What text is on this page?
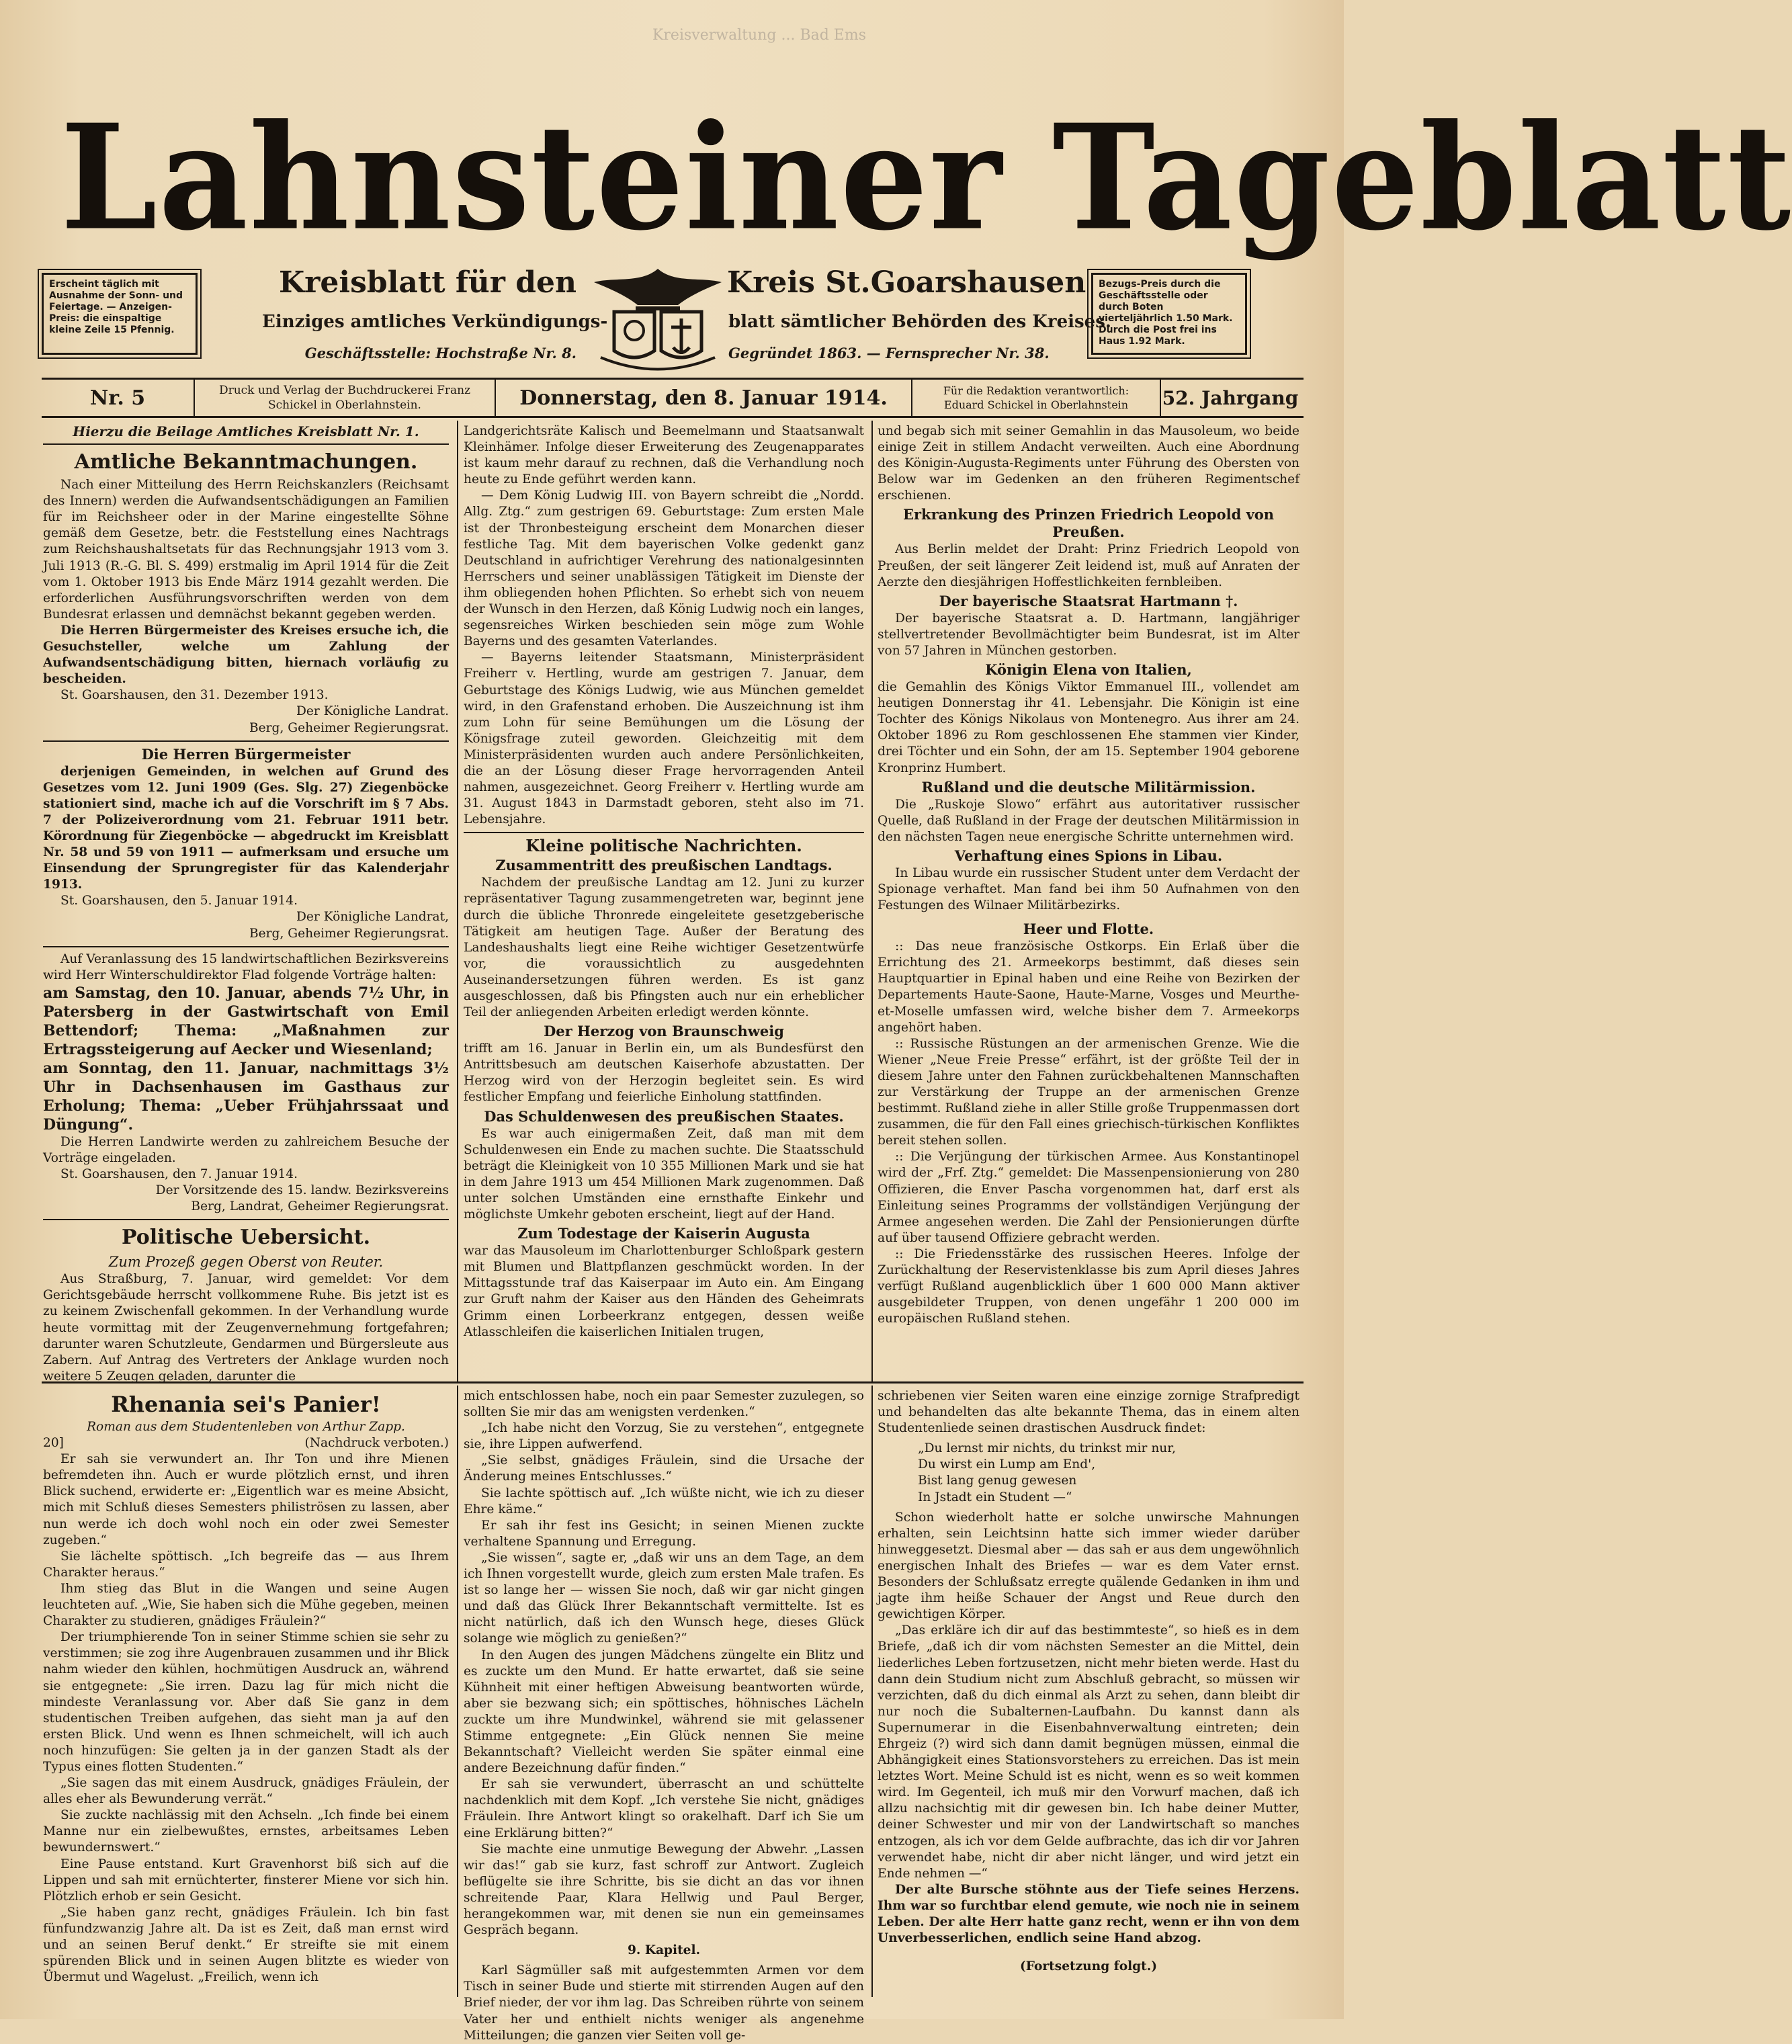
Kreisverwaltung ... Bad Ems
Lahnsteiner Tageblatt
Erscheint täglich mit Ausnahme der Sonn- und Feiertage. — Anzeigen-Preis: die einspaltige kleine Zeile 15 Pfennig.
Bezugs-Preis durch die Geschäftsstelle oder durch Boten vierteljährlich 1.50 Mark. Durch die Post frei ins Haus 1.92 Mark.
Kreisblatt für den	Kreis St.Goarshausen
Einziges amtliches Verkündigungs-	blatt sämtlicher Behörden des Kreises.
Geschäftsstelle: Hochstraße Nr. 8.	Gegründet 1863. — Fernsprecher Nr. 38.
Nr. 5	Druck und Verlag der Buchdruckerei Franz Schickel in Oberlahnstein.	Donnerstag, den 8. Januar 1914.	Für die Redaktion verantwortlich: Eduard Schickel in Oberlahnstein	52. Jahrgang

Hierzu die Beilage Amtliches Kreisblatt Nr. 1.

Amtliche Bekanntmachungen.

Nach einer Mitteilung des Herrn Reichskanzlers (Reichsamt des Innern) werden die Aufwandsentschädigungen an Familien für im Reichsheer oder in der Marine eingestellte Söhne gemäß dem Gesetze, betr. die Feststellung eines Nachtrags zum Reichshaushaltsetats für das Rechnungsjahr 1913 vom 3. Juli 1913 (R.-G. Bl. S. 499) erstmalig im April 1914 für die Zeit vom 1. Oktober 1913 bis Ende März 1914 gezahlt werden. Die erforderlichen Ausführungsvorschriften werden von dem Bundesrat erlassen und demnächst bekannt gegeben werden.

Die Herren Bürgermeister des Kreises ersuche ich, die Gesuchsteller, welche um Zahlung der Aufwandsentschädigung bitten, hiernach vorläufig zu bescheiden.

St. Goarshausen, den 31. Dezember 1913.

Der Königliche Landrat.

Berg, Geheimer Regierungsrat.

Die Herren Bürgermeister

derjenigen Gemeinden, in welchen auf Grund des Gesetzes vom 12. Juni 1909 (Ges. Slg. 27) Ziegenböcke stationiert sind, mache ich auf die Vorschrift im § 7 Abs. 7 der Polizeiverordnung vom 21. Februar 1911 betr. Körordnung für Ziegenböcke — abgedruckt im Kreisblatt Nr. 58 und 59 von 1911 — aufmerksam und ersuche um Einsendung der Sprungregister für das Kalenderjahr 1913.

St. Goarshausen, den 5. Januar 1914.

Der Königliche Landrat,

Berg, Geheimer Regierungsrat.

Auf Veranlassung des 15 landwirtschaftlichen Bezirksvereins wird Herr Winterschuldirektor Flad folgende Vorträge halten:

am Samstag, den 10. Januar, abends 7½ Uhr, in Patersberg in der Gastwirtschaft von Emil Bettendorf; Thema: „Maßnahmen zur Ertragssteigerung auf Aecker und Wiesenland;

am Sonntag, den 11. Januar, nachmittags 3½ Uhr in Dachsenhausen im Gasthaus zur Erholung; Thema: „Ueber Frühjahrssaat und Düngung“.

Die Herren Landwirte werden zu zahlreichem Besuche der Vorträge eingeladen.

St. Goarshausen, den 7. Januar 1914.

Der Vorsitzende des 15. landw. Bezirksvereins

Berg, Landrat, Geheimer Regierungsrat.

Politische Uebersicht.

Zum Prozeß gegen Oberst von Reuter.

Aus Straßburg, 7. Januar, wird gemeldet: Vor dem Gerichtsgebäude herrscht vollkommene Ruhe. Bis jetzt ist es zu keinem Zwischenfall gekommen. In der Verhandlung wurde heute vormittag mit der Zeugenvernehmung fortgefahren; darunter waren Schutzleute, Gendarmen und Bürgersleute aus Zabern. Auf Antrag des Vertreters der Anklage wurden noch weitere 5 Zeugen geladen, darunter die

Landgerichtsräte Kalisch und Beemelmann und Staatsanwalt Kleinhämer. Infolge dieser Erweiterung des Zeugenapparates ist kaum mehr darauf zu rechnen, daß die Verhandlung noch heute zu Ende geführt werden kann.

— Dem König Ludwig III. von Bayern schreibt die „Nordd. Allg. Ztg.“ zum gestrigen 69. Geburtstage: Zum ersten Male ist der Thronbesteigung erscheint dem Monarchen dieser festliche Tag. Mit dem bayerischen Volke gedenkt ganz Deutschland in aufrichtiger Verehrung des nationalgesinnten Herrschers und seiner unablässigen Tätigkeit im Dienste der ihm obliegenden hohen Pflichten. So erhebt sich von neuem der Wunsch in den Herzen, daß König Ludwig noch ein langes, segensreiches Wirken beschieden sein möge zum Wohle Bayerns und des gesamten Vaterlandes.

— Bayerns leitender Staatsmann, Ministerpräsident Freiherr v. Hertling, wurde am gestrigen 7. Januar, dem Geburtstage des Königs Ludwig, wie aus München gemeldet wird, in den Grafenstand erhoben. Die Auszeichnung ist ihm zum Lohn für seine Bemühungen um die Lösung der Königsfrage zuteil geworden. Gleichzeitig mit dem Ministerpräsidenten wurden auch andere Persönlichkeiten, die an der Lösung dieser Frage hervorragenden Anteil nahmen, ausgezeichnet. Georg Freiherr v. Hertling wurde am 31. August 1843 in Darmstadt geboren, steht also im 71. Lebensjahre.

Kleine politische Nachrichten.

Zusammentritt des preußischen Landtags.

Nachdem der preußische Landtag am 12. Juni zu kurzer repräsentativer Tagung zusammengetreten war, beginnt jene durch die übliche Thronrede eingeleitete gesetzgeberische Tätigkeit am heutigen Tage. Außer der Beratung des Landeshaushalts liegt eine Reihe wichtiger Gesetzentwürfe vor, die voraussichtlich zu ausgedehnten Auseinandersetzungen führen werden. Es ist ganz ausgeschlossen, daß bis Pfingsten auch nur ein erheblicher Teil der anliegenden Arbeiten erledigt werden könnte.

Der Herzog von Braunschweig

trifft am 16. Januar in Berlin ein, um als Bundesfürst den Antrittsbesuch am deutschen Kaiserhofe abzustatten. Der Herzog wird von der Herzogin begleitet sein. Es wird festlicher Empfang und feierliche Einholung stattfinden.

Das Schuldenwesen des preußischen Staates.

Es war auch einigermaßen Zeit, daß man mit dem Schuldenwesen ein Ende zu machen suchte. Die Staatsschuld beträgt die Kleinigkeit von 10 355 Millionen Mark und sie hat in dem Jahre 1913 um 454 Millionen Mark zugenommen. Daß unter solchen Umständen eine ernsthafte Einkehr und möglichste Umkehr geboten erscheint, liegt auf der Hand.

Zum Todestage der Kaiserin Augusta

war das Mausoleum im Charlottenburger Schloßpark gestern mit Blumen und Blattpflanzen geschmückt worden. In der Mittagsstunde traf das Kaiserpaar im Auto ein. Am Eingang zur Gruft nahm der Kaiser aus den Händen des Geheimrats Grimm einen Lorbeerkranz entgegen, dessen weiße Atlasschleifen die kaiserlichen Initialen trugen,

und begab sich mit seiner Gemahlin in das Mausoleum, wo beide einige Zeit in stillem Andacht verweilten. Auch eine Abordnung des Königin-Augusta-Regiments unter Führung des Obersten von Below war im Gedenken an den früheren Regimentschef erschienen.

Erkrankung des Prinzen Friedrich Leopold von Preußen.

Aus Berlin meldet der Draht: Prinz Friedrich Leopold von Preußen, der seit längerer Zeit leidend ist, muß auf Anraten der Aerzte den diesjährigen Hoffestlichkeiten fernbleiben.

Der bayerische Staatsrat Hartmann †.

Der bayerische Staatsrat a. D. Hartmann, langjähriger stellvertretender Bevollmächtigter beim Bundesrat, ist im Alter von 57 Jahren in München gestorben.

Königin Elena von Italien,

die Gemahlin des Königs Viktor Emmanuel III., vollendet am heutigen Donnerstag ihr 41. Lebensjahr. Die Königin ist eine Tochter des Königs Nikolaus von Montenegro. Aus ihrer am 24. Oktober 1896 zu Rom geschlossenen Ehe stammen vier Kinder, drei Töchter und ein Sohn, der am 15. September 1904 geborene Kronprinz Humbert.

Rußland und die deutsche Militärmission.

Die „Ruskoje Slowo“ erfährt aus autoritativer russischer Quelle, daß Rußland in der Frage der deutschen Militärmission in den nächsten Tagen neue energische Schritte unternehmen wird.

Verhaftung eines Spions in Libau.

In Libau wurde ein russischer Student unter dem Verdacht der Spionage verhaftet. Man fand bei ihm 50 Aufnahmen von den Festungen des Wilnaer Militärbezirks.

Heer und Flotte.

:: Das neue französische Ostkorps. Ein Erlaß über die Errichtung des 21. Armeekorps bestimmt, daß dieses sein Hauptquartier in Epinal haben und eine Reihe von Bezirken der Departements Haute-Saone, Haute-Marne, Vosges und Meurthe-et-Moselle umfassen wird, welche bisher dem 7. Armeekorps angehört haben.

:: Russische Rüstungen an der armenischen Grenze. Wie die Wiener „Neue Freie Presse“ erfährt, ist der größte Teil der in diesem Jahre unter den Fahnen zurückbehaltenen Mannschaften zur Verstärkung der Truppe an der armenischen Grenze bestimmt. Rußland ziehe in aller Stille große Truppenmassen dort zusammen, die für den Fall eines griechisch-türkischen Konfliktes bereit stehen sollen.

:: Die Verjüngung der türkischen Armee. Aus Konstantinopel wird der „Frf. Ztg.“ gemeldet: Die Massenpensionierung von 280 Offizieren, die Enver Pascha vorgenommen hat, darf erst als Einleitung seines Programms der vollständigen Verjüngung der Armee angesehen werden. Die Zahl der Pensionierungen dürfte auf über tausend Offiziere gebracht werden.

:: Die Friedensstärke des russischen Heeres. Infolge der Zurückhaltung der Reservistenklasse bis zum April dieses Jahres verfügt Rußland augenblicklich über 1 600 000 Mann aktiver ausgebildeter Truppen, von denen ungefähr 1 200 000 im europäischen Rußland stehen.

Rhenania sei's Panier!

Roman aus dem Studentenleben von Arthur Zapp.

20]	(Nachdruck verboten.)

Er sah sie verwundert an. Ihr Ton und ihre Mienen befremdeten ihn. Auch er wurde plötzlich ernst, und ihren Blick suchend, erwiderte er: „Eigentlich war es meine Absicht, mich mit Schluß dieses Semesters philiströsen zu lassen, aber nun werde ich doch wohl noch ein oder zwei Semester zugeben.“

Sie lächelte spöttisch. „Ich begreife das — aus Ihrem Charakter heraus.“

Ihm stieg das Blut in die Wangen und seine Augen leuchteten auf. „Wie, Sie haben sich die Mühe gegeben, meinen Charakter zu studieren, gnädiges Fräulein?“

Der triumphierende Ton in seiner Stimme schien sie sehr zu verstimmen; sie zog ihre Augenbrauen zusammen und ihr Blick nahm wieder den kühlen, hochmütigen Ausdruck an, während sie entgegnete: „Sie irren. Dazu lag für mich nicht die mindeste Veranlassung vor. Aber daß Sie ganz in dem studentischen Treiben aufgehen, das sieht man ja auf den ersten Blick. Und wenn es Ihnen schmeichelt, will ich auch noch hinzufügen: Sie gelten ja in der ganzen Stadt als der Typus eines flotten Studenten.“

„Sie sagen das mit einem Ausdruck, gnädiges Fräulein, der alles eher als Bewunderung verrät.“

Sie zuckte nachlässig mit den Achseln. „Ich finde bei einem Manne nur ein zielbewußtes, ernstes, arbeitsames Leben bewundernswert.“

Eine Pause entstand. Kurt Gravenhorst biß sich auf die Lippen und sah mit ernüchterter, finsterer Miene vor sich hin. Plötzlich erhob er sein Gesicht.

„Sie haben ganz recht, gnädiges Fräulein. Ich bin fast fünfundzwanzig Jahre alt. Da ist es Zeit, daß man ernst wird und an seinen Beruf denkt.“ Er streifte sie mit einem spürenden Blick und in seinen Augen blitzte es wieder von Übermut und Wagelust. „Freilich, wenn ich

mich entschlossen habe, noch ein paar Semester zuzulegen, so sollten Sie mir das am wenigsten verdenken.“

„Ich habe nicht den Vorzug, Sie zu verstehen“, entgegnete sie, ihre Lippen aufwerfend.

„Sie selbst, gnädiges Fräulein, sind die Ursache der Änderung meines Entschlusses.“

Sie lachte spöttisch auf. „Ich wüßte nicht, wie ich zu dieser Ehre käme.“

Er sah ihr fest ins Gesicht; in seinen Mienen zuckte verhaltene Spannung und Erregung.

„Sie wissen“, sagte er, „daß wir uns an dem Tage, an dem ich Ihnen vorgestellt wurde, gleich zum ersten Male trafen. Es ist so lange her — wissen Sie noch, daß wir gar nicht gingen und daß das Glück Ihrer Bekanntschaft vermittelte. Ist es nicht natürlich, daß ich den Wunsch hege, dieses Glück solange wie möglich zu genießen?“

In den Augen des jungen Mädchens züngelte ein Blitz und es zuckte um den Mund. Er hatte erwartet, daß sie seine Kühnheit mit einer heftigen Abweisung beantworten würde, aber sie bezwang sich; ein spöttisches, höhnisches Lächeln zuckte um ihre Mundwinkel, während sie mit gelassener Stimme entgegnete: „Ein Glück nennen Sie meine Bekanntschaft? Vielleicht werden Sie später einmal eine andere Bezeichnung dafür finden.“

Er sah sie verwundert, überrascht an und schüttelte nachdenklich mit dem Kopf. „Ich verstehe Sie nicht, gnädiges Fräulein. Ihre Antwort klingt so orakelhaft. Darf ich Sie um eine Erklärung bitten?“

Sie machte eine unmutige Bewegung der Abwehr. „Lassen wir das!“ gab sie kurz, fast schroff zur Antwort. Zugleich beflügelte sie ihre Schritte, bis sie dicht an das vor ihnen schreitende Paar, Klara Hellwig und Paul Berger, herangekommen war, mit denen sie nun ein gemeinsames Gespräch begann.

9. Kapitel.

Karl Sägmüller saß mit aufgestemmten Armen vor dem Tisch in seiner Bude und stierte mit stirrenden Augen auf den Brief nieder, der vor ihm lag. Das Schreiben rührte von seinem Vater her und enthielt nichts weniger als angenehme Mitteilungen; die ganzen vier Seiten voll ge-

schriebenen vier Seiten waren eine einzige zornige Strafpredigt und behandelten das alte bekannte Thema, das in einem alten Studentenliede seinen drastischen Ausdruck findet:

„Du lernst mir nichts, du trinkst mir nur,

Du wirst ein Lump am End',

Bist lang genug gewesen

In Jstadt ein Student —“

Schon wiederholt hatte er solche unwirsche Mahnungen erhalten, sein Leichtsinn hatte sich immer wieder darüber hinweggesetzt. Diesmal aber — das sah er aus dem ungewöhnlich energischen Inhalt des Briefes — war es dem Vater ernst. Besonders der Schlußsatz erregte quälende Gedanken in ihm und jagte ihm heiße Schauer der Angst und Reue durch den gewichtigen Körper.

„Das erkläre ich dir auf das bestimmteste“, so hieß es in dem Briefe, „daß ich dir vom nächsten Semester an die Mittel, dein liederliches Leben fortzusetzen, nicht mehr bieten werde. Hast du dann dein Studium nicht zum Abschluß gebracht, so müssen wir verzichten, daß du dich einmal als Arzt zu sehen, dann bleibt dir nur noch die Subalternen-Laufbahn. Du kannst dann als Supernumerar in die Eisenbahnverwaltung eintreten; dein Ehrgeiz (?) wird sich dann damit begnügen müssen, einmal die Abhängigkeit eines Stationsvorstehers zu erreichen. Das ist mein letztes Wort. Meine Schuld ist es nicht, wenn es so weit kommen wird. Im Gegenteil, ich muß mir den Vorwurf machen, daß ich allzu nachsichtig mit dir gewesen bin. Ich habe deiner Mutter, deiner Schwester und mir von der Landwirtschaft so manches entzogen, als ich vor dem Gelde aufbrachte, das ich dir vor Jahren verwendet habe, nicht dir aber nicht länger, und wird jetzt ein Ende nehmen —“

Der alte Bursche stöhnte aus der Tiefe seines Herzens. Ihm war so furchtbar elend gemute, wie noch nie in seinem Leben. Der alte Herr hatte ganz recht, wenn er ihn von dem Unverbesserlichen, endlich seine Hand abzog.

(Fortsetzung folgt.)
